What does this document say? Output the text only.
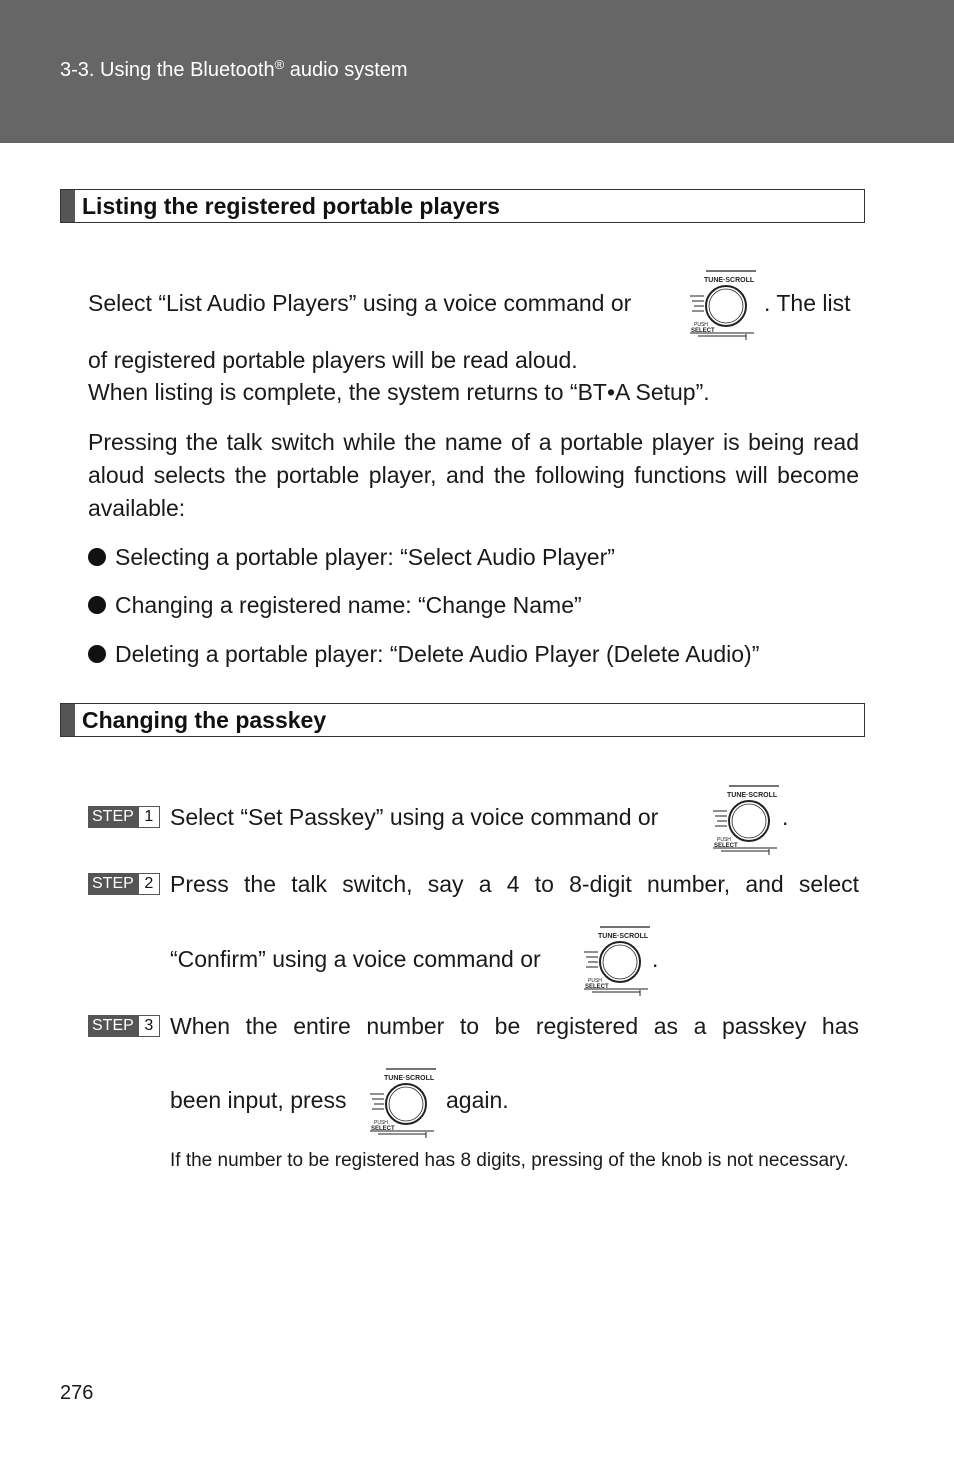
3-3. Using the Bluetooth® audio system
Listing the registered portable players
Select “List Audio Players” using a voice command or
TUNE·SCROLL
PUSH
SELECT
. The list
of registered portable players will be read aloud.
When listing is complete, the system returns to “BT•A Setup”.
Pressing the talk switch while the name of a portable player is being read aloud selects the portable player, and the following functions will become available:
Selecting a portable player: “Select Audio Player”
Changing a registered name: “Change Name”
Deleting a portable player: “Delete Audio Player (Delete Audio)”
Changing the passkey
STEP 1 Select “Set Passkey” using a voice command or
TUNE·SCROLL
PUSH
SELECT
.
STEP 2 Press the talk switch, say a 4 to 8-digit number, and select
“Confirm” using a voice command or
TUNE·SCROLL
PUSH
SELECT
.
STEP 3 When the entire number to be registered as a passkey has
been input, press
TUNE·SCROLL
PUSH
SELECT
again.
If the number to be registered has 8 digits, pressing of the knob is not necessary.
276
